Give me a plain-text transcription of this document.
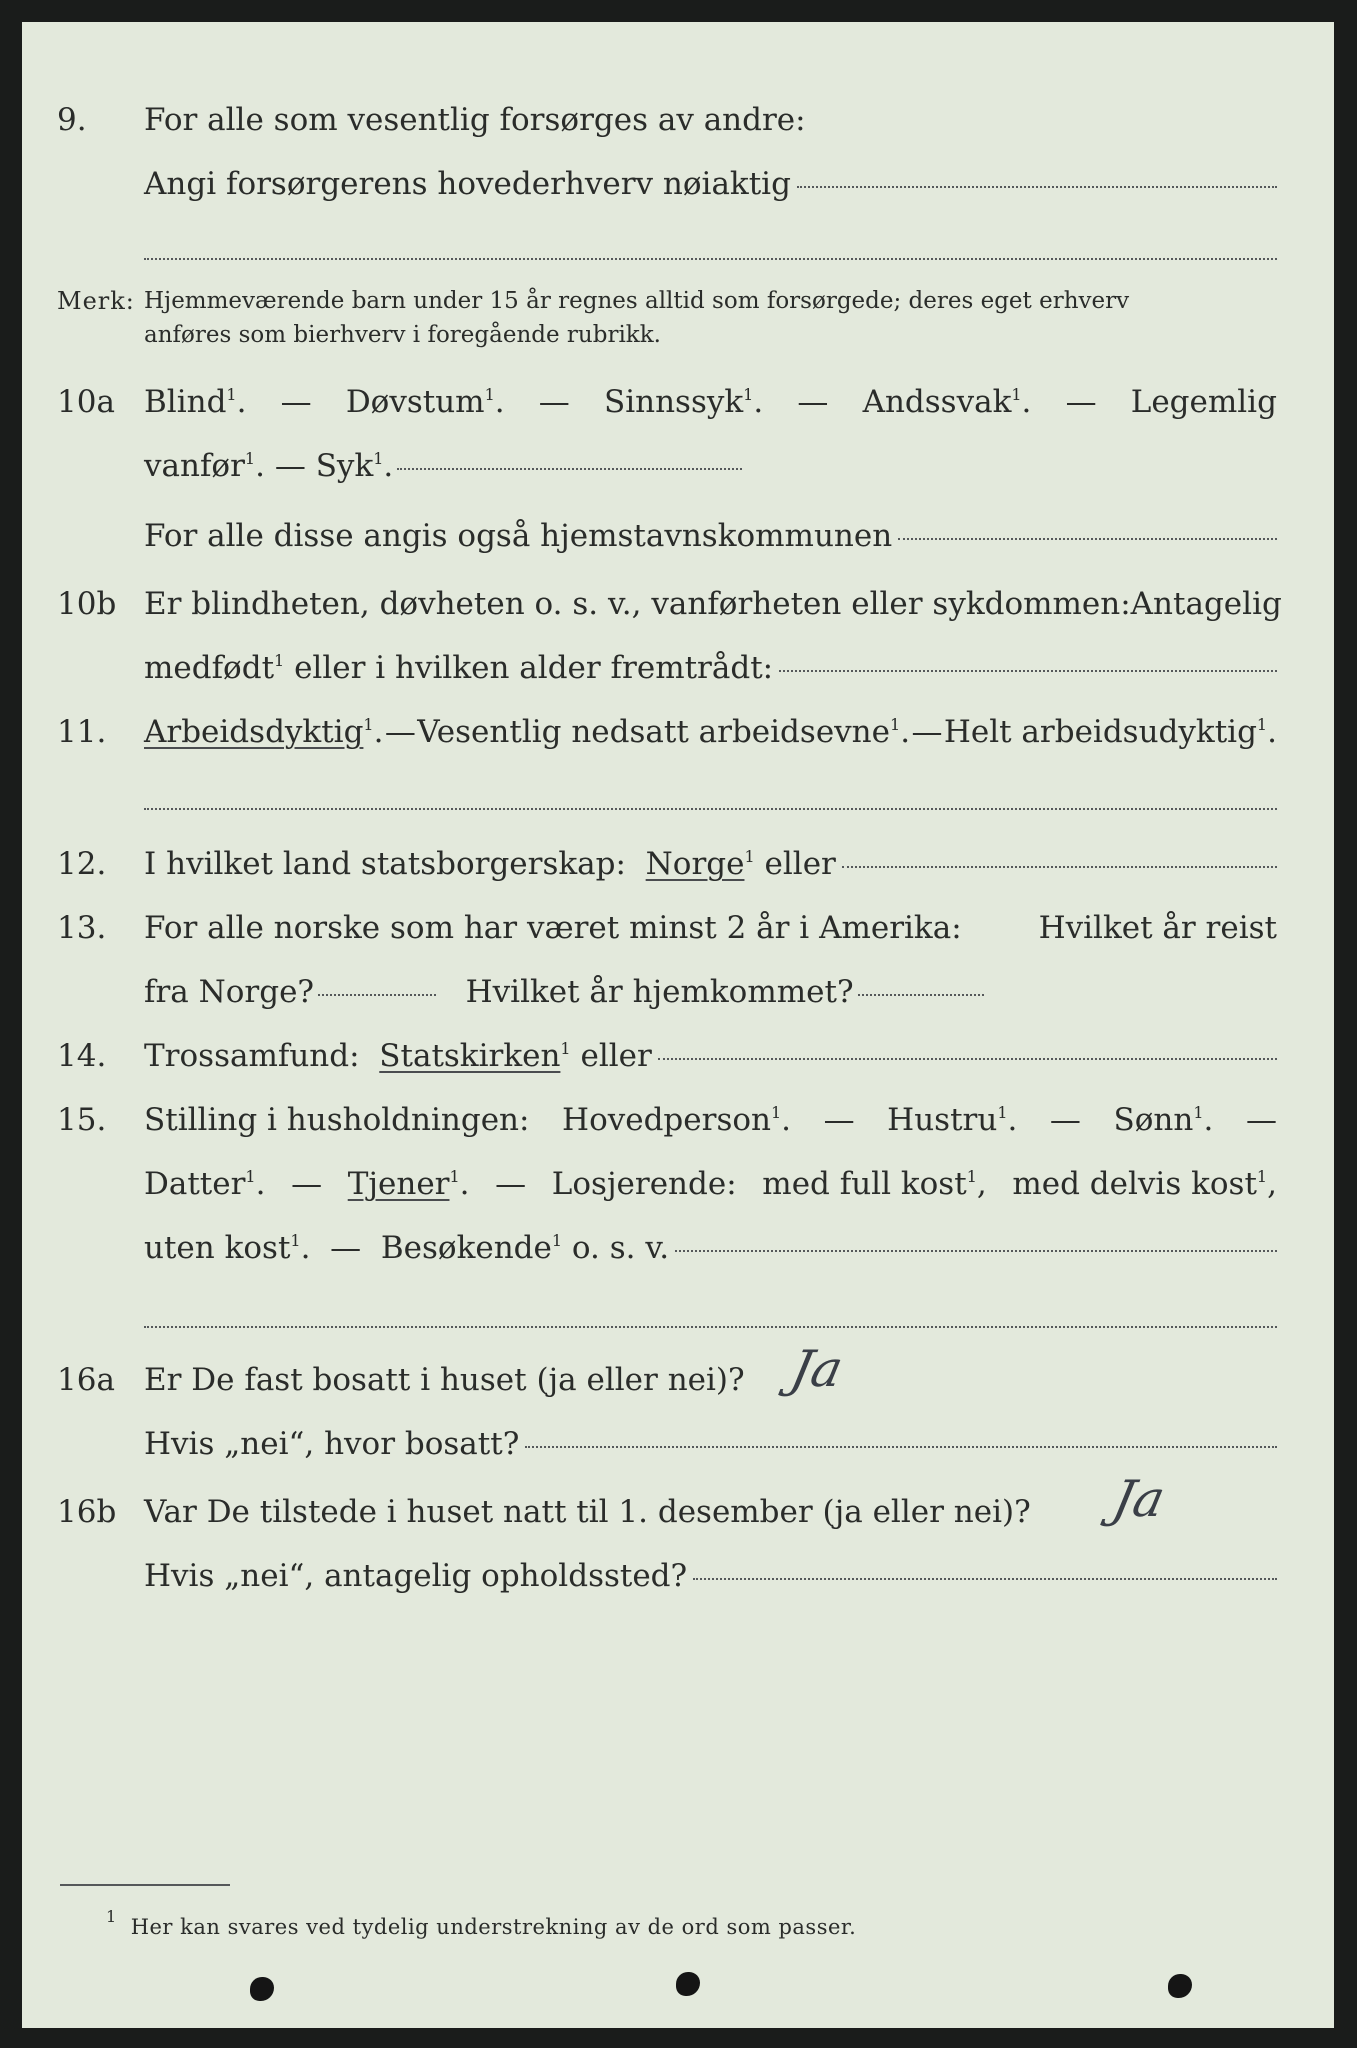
9. For alle som vesentlig forsørges av andre:
Angi forsørgerens hovederhverv nøiaktig
Merk: Hjemmeværende barn under 15 år regnes alltid som forsørgede; deres eget erhverv
anføres som bierhverv i foregående rubrikk.
10a Blind$^1$. — Døvstum$^1$. — Sinnssyk$^1$. — Andssvak$^1$. — Legemlig
vanfør$^1$. — Syk$^1$.
For alle disse angis også hjemstavnskommunen
10b Er blindheten, døvheten o. s. v., vanførheten eller sykdommen: Antagelig
medfødt$^1$ eller i hvilken alder fremtrådt:
11. Arbeidsdyktig$^1$. — Vesentlig nedsatt arbeidsevne$^1$. — Helt arbeidsudyktig$^1$.
12. I hvilket land statsborgerskap: Norge$^1$ eller
13. For alle norske som har været minst 2 år i Amerika: Hvilket år reist
fra Norge?	Hvilket år hjemkommet?
14. Trossamfund: Statskirken$^1$ eller
15. Stilling i husholdningen: Hovedperson$^1$. — Hustru$^1$. — Sønn$^1$. —
Datter$^1$. — Tjener$^1$. — Losjerende: med full kost$^1$, med delvis kost$^1$,
uten kost$^1$.
—
Besøkende$^1$ o. s. v.
16a Er De fast bosatt i huset (ja eller nei)? Ja
Hvis „nei“, hvor bosatt?
16b Var De tilstede i huset natt til 1. desember (ja eller nei)?	Ja
Hvis „nei“, antagelig opholdssted?
$^1$ Her kan svares ved tydelig understrekning av de ord som passer.
